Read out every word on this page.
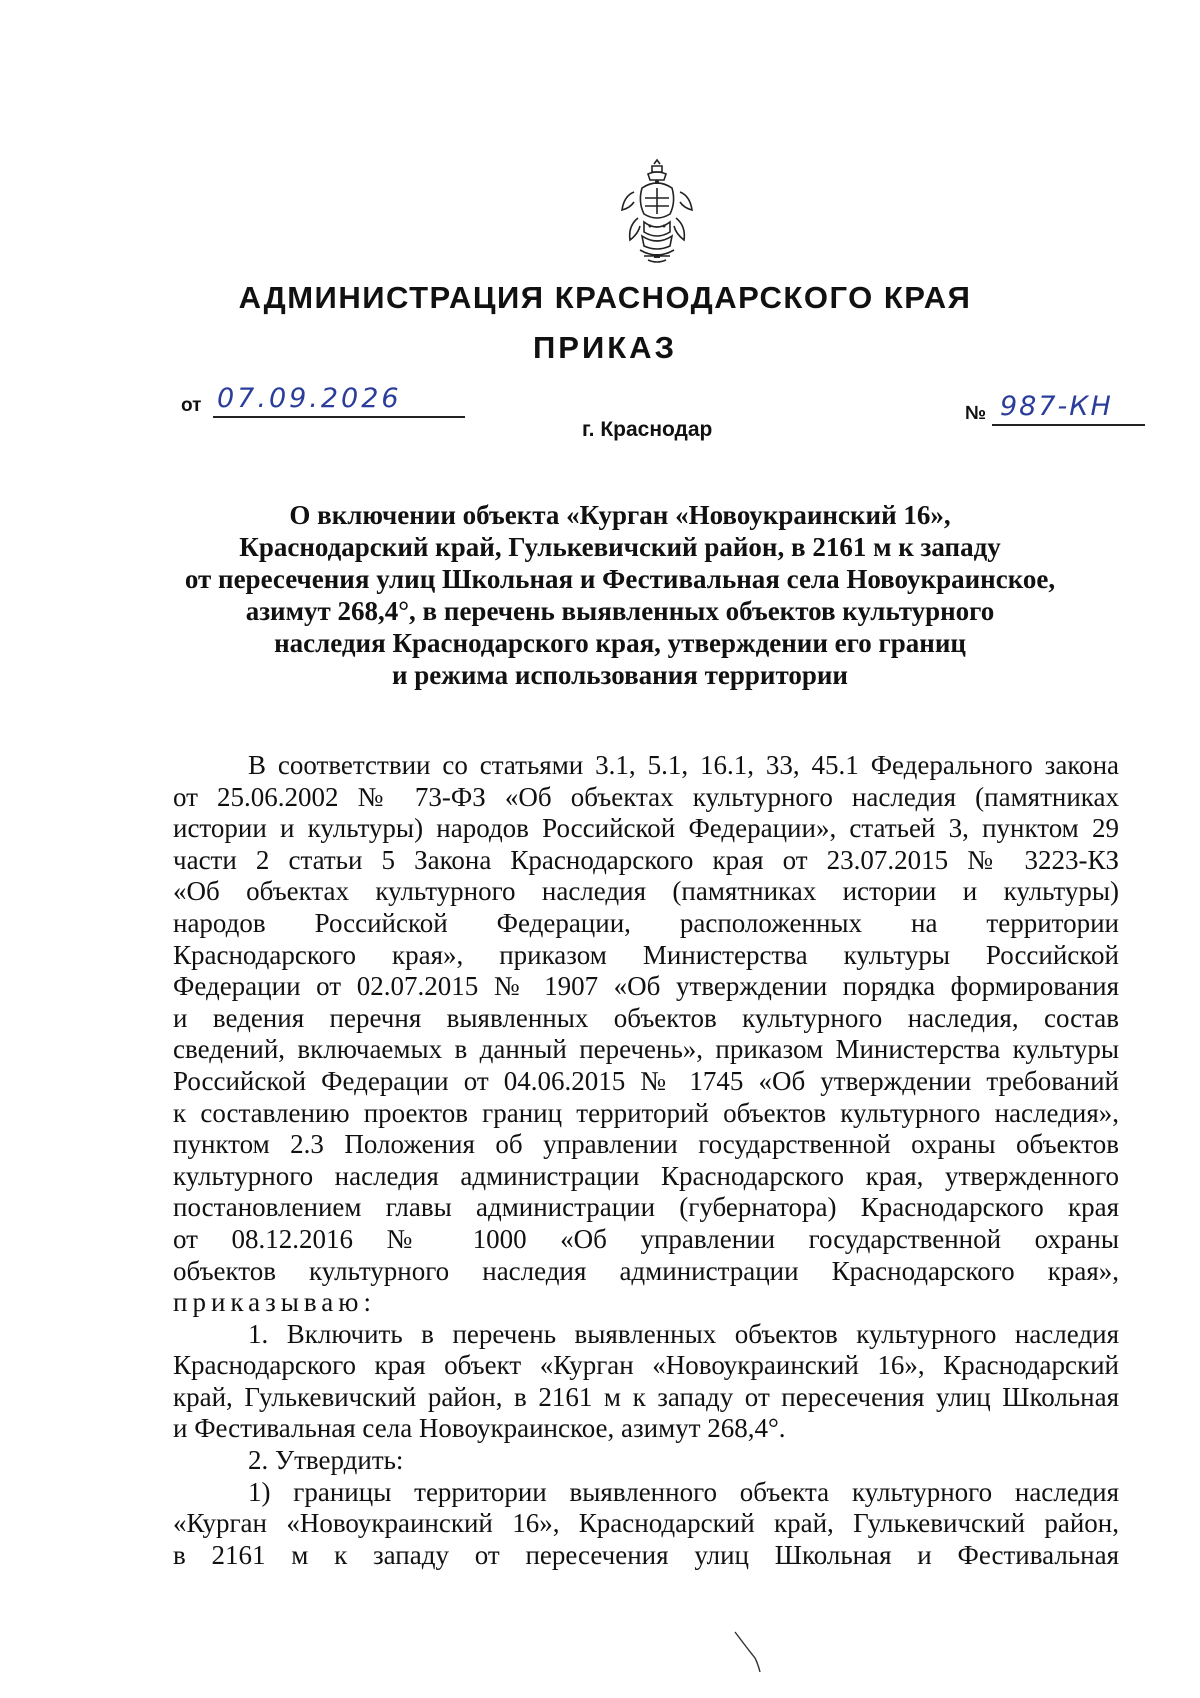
АДМИНИСТРАЦИЯ КРАСНОДАРСКОГО КРАЯ
ПРИКАЗ
от 07.09.2026	№ 987-КН
г. Краснодар
О включении объекта «Курган «Новоукраинский 16»,
Краснодарский край, Гулькевичский район, в 2161 м к западу
от пересечения улиц Школьная и Фестивальная села Новоукраинское,
азимут 268,4°, в перечень выявленных объектов культурного
наследия Краснодарского края, утверждении его границ
и режима использования территории
В соответствии со статьями 3.1, 5.1, 16.1, 33, 45.1 Федерального закона
от 25.06.2002 № 73-ФЗ «Об объектах культурного наследия (памятниках
истории и культуры) народов Российской Федерации», статьей 3, пунктом 29
части 2 статьи 5 Закона Краснодарского края от 23.07.2015 № 3223-КЗ
«Об объектах культурного наследия (памятниках истории и культуры)
народов Российской Федерации, расположенных на территории
Краснодарского края», приказом Министерства культуры Российской
Федерации от 02.07.2015 № 1907 «Об утверждении порядка формирования
и ведения перечня выявленных объектов культурного наследия, состав
сведений, включаемых в данный перечень», приказом Министерства культуры
Российской Федерации от 04.06.2015 № 1745 «Об утверждении требований
к составлению проектов границ территорий объектов культурного наследия»,
пунктом 2.3 Положения об управлении государственной охраны объектов
культурного наследия администрации Краснодарского края, утвержденного
постановлением главы администрации (губернатора) Краснодарского края
от 08.12.2016 № 1000 «Об управлении государственной охраны
объектов культурного наследия администрации Краснодарского края»,
приказываю:
1. Включить в перечень выявленных объектов культурного наследия
Краснодарского края объект «Курган «Новоукраинский 16», Краснодарский
край, Гулькевичский район, в 2161 м к западу от пересечения улиц Школьная
и Фестивальная села Новоукраинское, азимут 268,4°.
2. Утвердить:
1) границы территории выявленного объекта культурного наследия
«Курган «Новоукраинский 16», Краснодарский край, Гулькевичский район,
в 2161 м к западу от пересечения улиц Школьная и Фестивальная
